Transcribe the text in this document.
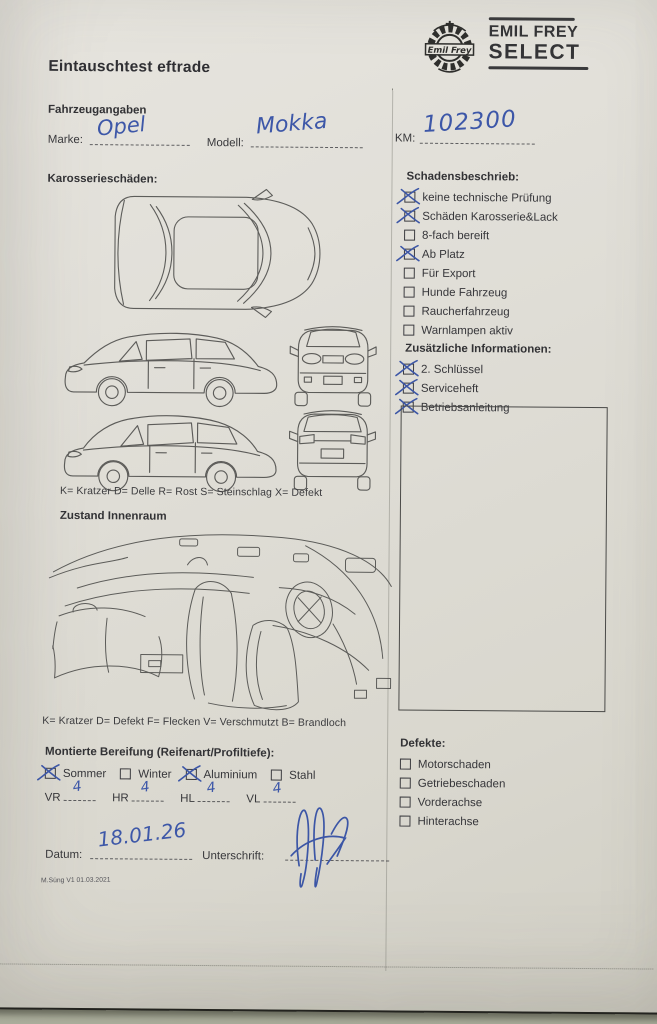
Emil Frey
EMIL FREY
SELECT
Eintauschtest eftrade
Fahrzeugangaben
Marke: Opel
Modell:
Mokka	KM:
102300
Karosserieschäden:
K= Kratzer D= Delle R= Rost S= Steinschlag X= Defekt
Zustand Innenraum
K= Kratzer D= Defekt F= Flecken V= Verschmutzt B= Brandloch
Montierte Bereifung (Reifenart/Profiltiefe):
Sommer	Winter	Aluminium	Stahl
VR
4
HR
4
HL
4
VL
4
Datum:
18.01.26
Unterschrift:
M.Süng V1 01.03.2021
Schadensbeschrieb:
keine technische Prüfung
Schäden Karosserie&Lack
8-fach bereift
Ab Platz
Für Export
Hunde Fahrzeug
Raucherfahrzeug
Warnlampen aktiv
Zusätzliche Informationen:
2. Schlüssel
Serviceheft
Betriebsanleitung
Defekte:
Motorschaden
Getriebeschaden
Vorderachse
Hinterachse
